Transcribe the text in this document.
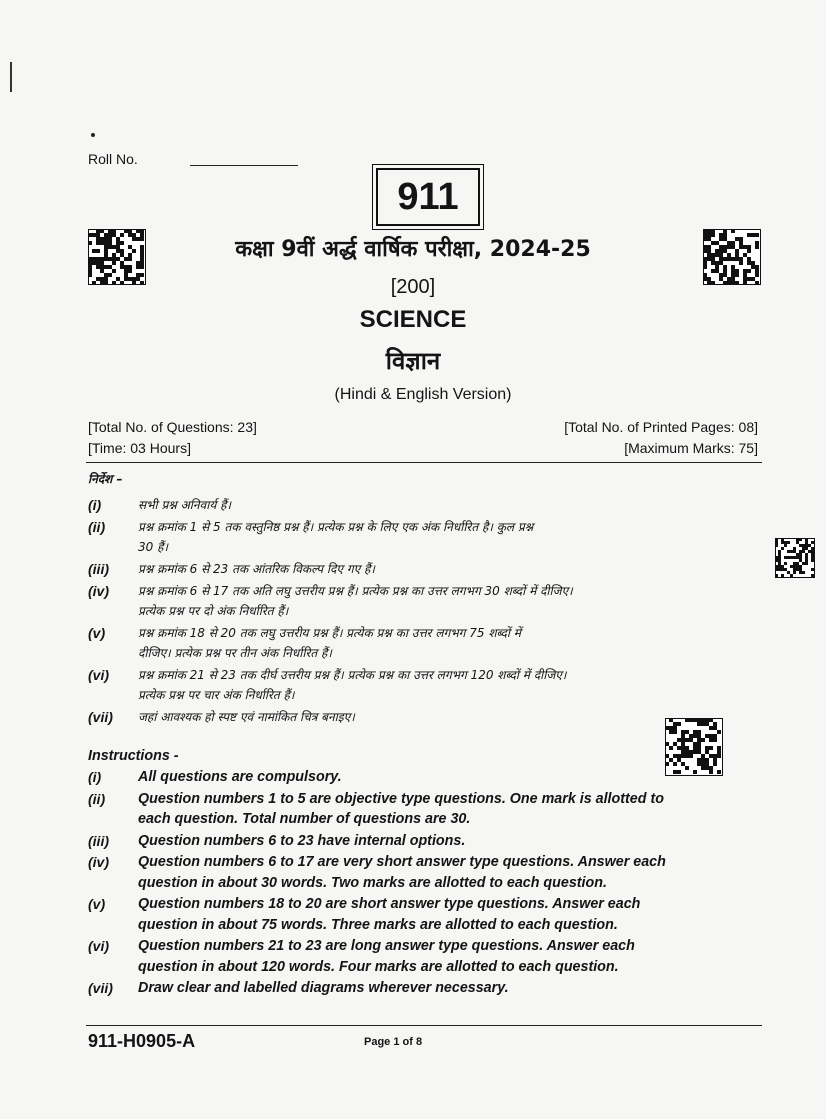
Roll No.
911
कक्षा 9वीं अर्द्ध वार्षिक परीक्षा, 2024-25
[200]
SCIENCE
विज्ञान
(Hindi & English Version)
[Total No. of Questions: 23]
[Time: 03 Hours]
[Total No. of Printed Pages: 08]
[Maximum Marks: 75]
निर्देश –
(i)	सभी प्रश्न अनिवार्य हैं।
(ii)	प्रश्न क्रमांक 1 से 5 तक वस्तुनिष्ठ प्रश्न हैं। प्रत्येक प्रश्न के लिए एक अंक निर्धारित है। कुल प्रश्न
30 हैं।
(iii)	प्रश्न क्रमांक 6 से 23 तक आंतरिक विकल्प दिए गए हैं।
(iv)	प्रश्न क्रमांक 6 से 17 तक अति लघु उत्तरीय प्रश्न हैं। प्रत्येक प्रश्न का उत्तर लगभग 30 शब्दों में दीजिए।
प्रत्येक प्रश्न पर दो अंक निर्धारित हैं।
(v)	प्रश्न क्रमांक 18 से 20 तक लघु उत्तरीय प्रश्न हैं। प्रत्येक प्रश्न का उत्तर लगभग 75 शब्दों में
दीजिए। प्रत्येक प्रश्न पर तीन अंक निर्धारित हैं।
(vi)	प्रश्न क्रमांक 21 से 23 तक दीर्घ उत्तरीय प्रश्न हैं। प्रत्येक प्रश्न का उत्तर लगभग 120 शब्दों में दीजिए।
प्रत्येक प्रश्न पर चार अंक निर्धारित हैं।
(vii)	जहां आवश्यक हो स्पष्ट एवं नामांकित चित्र बनाइए।
Instructions -
(i)	All questions are compulsory.
(ii)	Question numbers 1 to 5 are objective type questions. One mark is allotted to
each question. Total number of questions are 30.
(iii)	Question numbers 6 to 23 have internal options.
(iv)	Question numbers 6 to 17 are very short answer type questions. Answer each
question in about 30 words. Two marks are allotted to each question.
(v)	Question numbers 18 to 20 are short answer type questions. Answer each
question in about 75 words. Three marks are allotted to each question.
(vi)	Question numbers 21 to 23 are long answer type questions. Answer each
question in about 120 words. Four marks are allotted to each question.
(vii)	Draw clear and labelled diagrams wherever necessary.
911-H0905-A	Page 1 of 8
